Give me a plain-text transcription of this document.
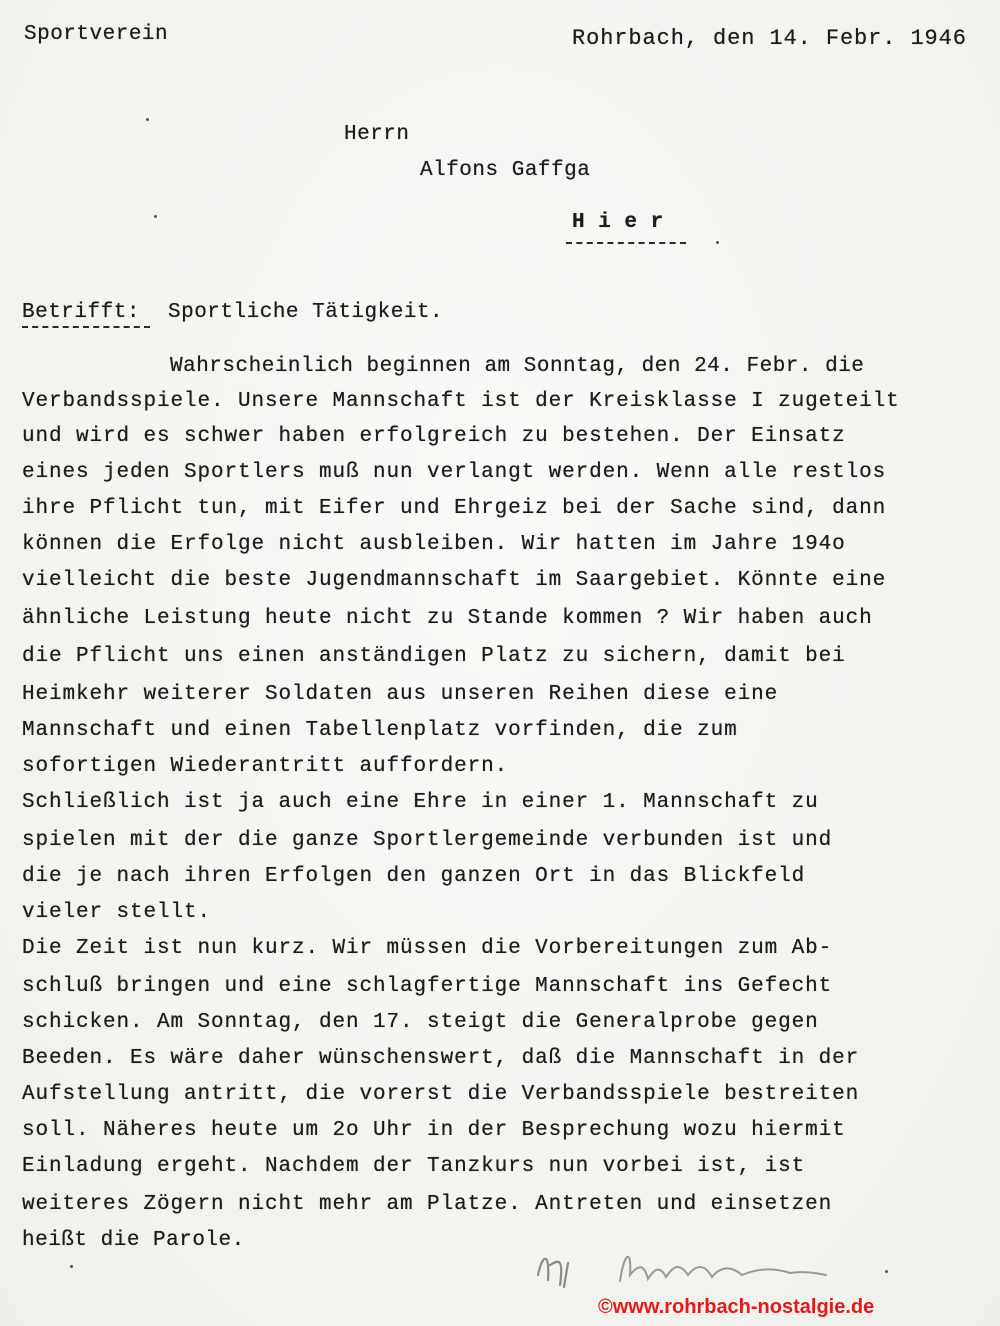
Sportverein	Rohrbach, den 14. Febr. 1946
Herrn
Alfons Gaffga
H i e r
Betrifft: Sportliche Tätigkeit.
Wahrscheinlich beginnen am Sonntag, den 24. Febr. die
Verbandsspiele. Unsere Mannschaft ist der Kreisklasse I zugeteilt
und wird es schwer haben erfolgreich zu bestehen. Der Einsatz
eines jeden Sportlers muß nun verlangt werden. Wenn alle restlos
ihre Pflicht tun, mit Eifer und Ehrgeiz bei der Sache sind, dann
können die Erfolge nicht ausbleiben. Wir hatten im Jahre 194o
vielleicht die beste Jugendmannschaft im Saargebiet. Könnte eine
ähnliche Leistung heute nicht zu Stande kommen ? Wir haben auch
die Pflicht uns einen anständigen Platz zu sichern, damit bei
Heimkehr weiterer Soldaten aus unseren Reihen diese eine
Mannschaft und einen Tabellenplatz vorfinden, die zum
sofortigen Wiederantritt auffordern.
Schließlich ist ja auch eine Ehre in einer 1. Mannschaft zu
spielen mit der die ganze Sportlergemeinde verbunden ist und
die je nach ihren Erfolgen den ganzen Ort in das Blickfeld
vieler stellt.
Die Zeit ist nun kurz. Wir müssen die Vorbereitungen zum Ab-
schluß bringen und eine schlagfertige Mannschaft ins Gefecht
schicken. Am Sonntag, den 17. steigt die Generalprobe gegen
Beeden. Es wäre daher wünschenswert, daß die Mannschaft in der
Aufstellung antritt, die vorerst die Verbandsspiele bestreiten
soll. Näheres heute um 2o Uhr in der Besprechung wozu hiermit
Einladung ergeht. Nachdem der Tanzkurs nun vorbei ist, ist
weiteres Zögern nicht mehr am Platze. Antreten und einsetzen
heißt die Parole.
©www.rohrbach-nostalgie.de
